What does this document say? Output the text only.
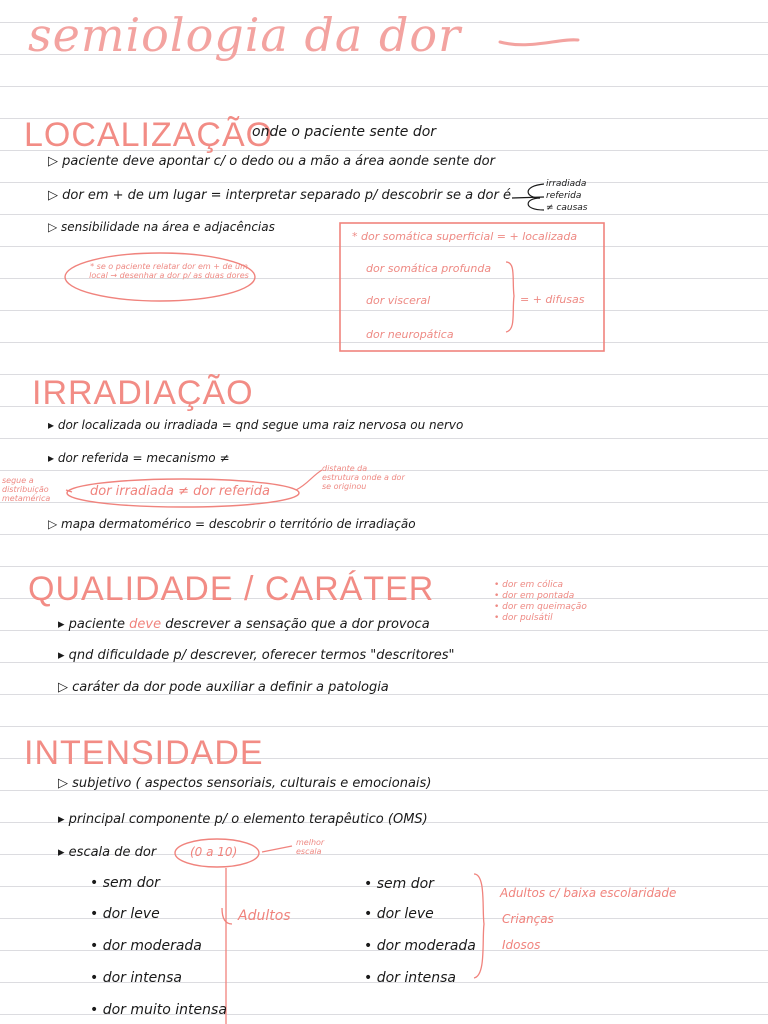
semiologia da dor
LOCALIZAÇÃO
onde o paciente sente dor
▷ paciente deve apontar c/ o dedo ou a mão a área aonde sente dor
▷ dor em + de um lugar = interpretar separado p/ descobrir se a dor é
irradiada
referida
≠ causas
▷ sensibilidade na área e adjacências
* se o paciente relatar dor em + de um local → desenhar a dor p/ as duas dores
* dor somática superficial = + localizada
dor somática profunda
dor visceral
dor neuropática
= + difusas
IRRADIAÇÃO
▸ dor localizada ou irradiada = qnd segue uma raiz nervosa ou nervo
▸ dor referida = mecanismo ≠
segue a distribuição metamérica	dor irradiada ≠ dor referida
distante da estrutura onde a dor se originou
▷ mapa dermatomérico = descobrir o território de irradiação
QUALIDADE / CARÁTER	• dor em cólica
• dor em pontada
• dor em queimação
• dor pulsátil
▸ paciente deve descrever a sensação que a dor provoca
▸ qnd dificuldade p/ descrever, oferecer termos "descritores"
▷ caráter da dor pode auxiliar a definir a patologia
INTENSIDADE
▷ subjetivo ( aspectos sensoriais, culturais e emocionais)
▸ principal componente p/ o elemento terapêutico (OMS)
▸ escala de dor	(0 a 10)
melhor escala
• sem dor
• dor leve
• dor moderada
• dor intensa
• dor muito intensa
Adultos
• sem dor
• dor leve
• dor moderada
• dor intensa
Adultos c/ baixa escolaridade
Crianças
Idosos
